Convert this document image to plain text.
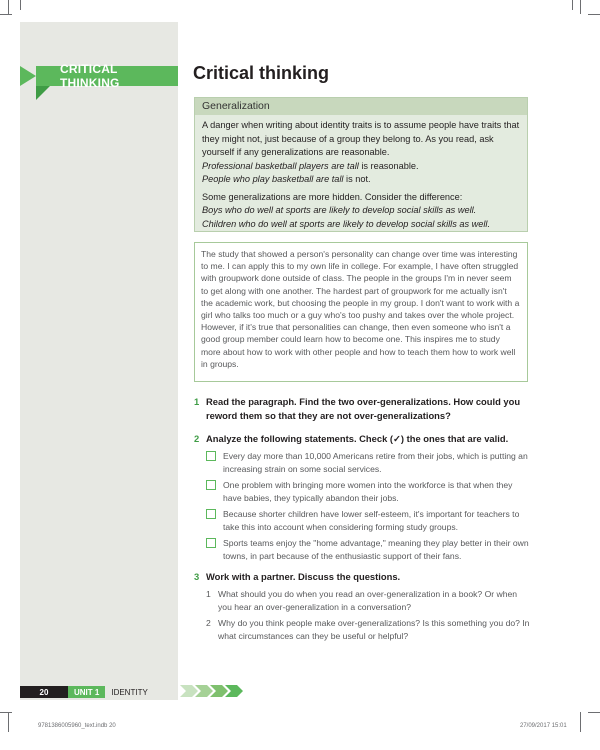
CRITICAL THINKING	Critical thinking
Generalization

A danger when writing about identity traits is to assume people have traits that they might not, just because of a group they belong to. As you read, ask yourself if any generalizations are reasonable.

Professional basketball players are tall is reasonable.

People who play basketball are tall is not.

Some generalizations are more hidden. Consider the difference:

Boys who do well at sports are likely to develop social skills as well.

Children who do well at sports are likely to develop social skills as well.

The study that showed a person's personality can change over time was interesting to me. I can apply this to my own life in college. For example, I have often struggled with groupwork done outside of class. The people in the groups I'm in never seem to get along with one another. The hardest part of groupwork for me actually isn't the academic work, but choosing the people in my group. I don't want to work with a girl who talks too much or a guy who's too pushy and takes over the whole project. However, if it's true that personalities can change, then even someone who isn't a good group member could learn how to become one. This inspires me to study more about how to work with other people and how to teach them how to work well in groups.
1 Read the paragraph. Find the two over-generalizations. How could you reword them so that they are not over-generalizations?
2 Analyze the following statements. Check (✓) the ones that are valid.
Every day more than 10,000 Americans retire from their jobs, which is putting an increasing strain on some social services.
One problem with bringing more women into the workforce is that when they have babies, they typically abandon their jobs.
Because shorter children have lower self-esteem, it's important for teachers to take this into account when considering forming study groups.
Sports teams enjoy the "home advantage," meaning they play better in their own towns, in part because of the enthusiastic support of their fans.
3 Work with a partner. Discuss the questions.
1 What should you do when you read an over-generalization in a book? Or when you hear an over-generalization in a conversation?
2 Why do you think people make over-generalizations? Is this something you do? In what circumstances can they be useful or helpful?
20	UNIT 1	IDENTITY
9781386005960_text.indb 20	27/09/2017 15:01
